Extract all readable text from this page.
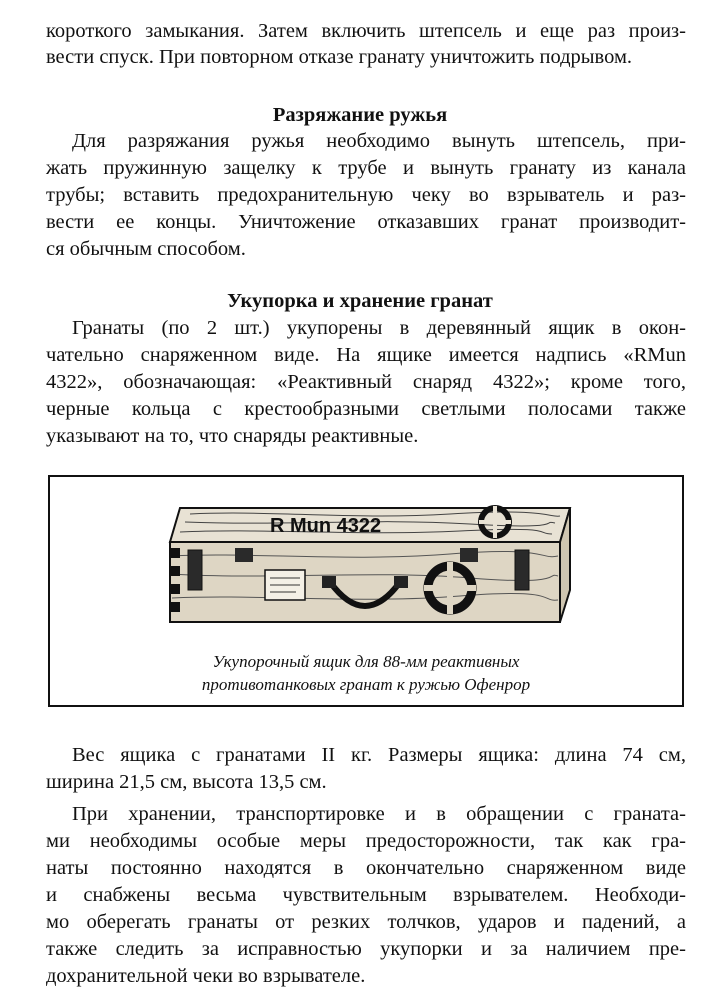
короткого замыкания. Затем включить штепсель и еще раз произ-
вести спуск. При повторном отказе гранату уничтожить подрывом.
Разряжание ружья
Для разряжания ружья необходимо вынуть штепсель, при-
жать пружинную защелку к трубе и вынуть гранату из канала
трубы; вставить предохранительную чеку во взрыватель и раз-
вести ее концы. Уничтожение отказавших гранат производит-
ся обычным способом.
Укупорка и хранение гранат
Гранаты (по 2 шт.) укупорены в деревянный ящик в окон-
чательно снаряженном виде. На ящике имеется надпись «RMun
4322», обозначающая: «Реактивный снаряд 4322»; кроме того,
черные кольца с крестообразными светлыми полосами также
указывают на то, что снаряды реактивные.
R Mun 4322
Укупорочный ящик для 88-мм реактивных
противотанковых гранат к ружью Офенрор
Вес ящика с гранатами II кг. Размеры ящика: длина 74 см,
ширина 21,5 см, высота 13,5 см.
При хранении, транспортировке и в обращении с граната-
ми необходимы особые меры предосторожности, так как гра-
наты постоянно находятся в окончательно снаряженном виде
и снабжены весьма чувствительным взрывателем. Необходи-
мо оберегать гранаты от резких толчков, ударов и падений, а
также следить за исправностью укупорки и за наличием пре-
дохранительной чеки во взрывателе.
